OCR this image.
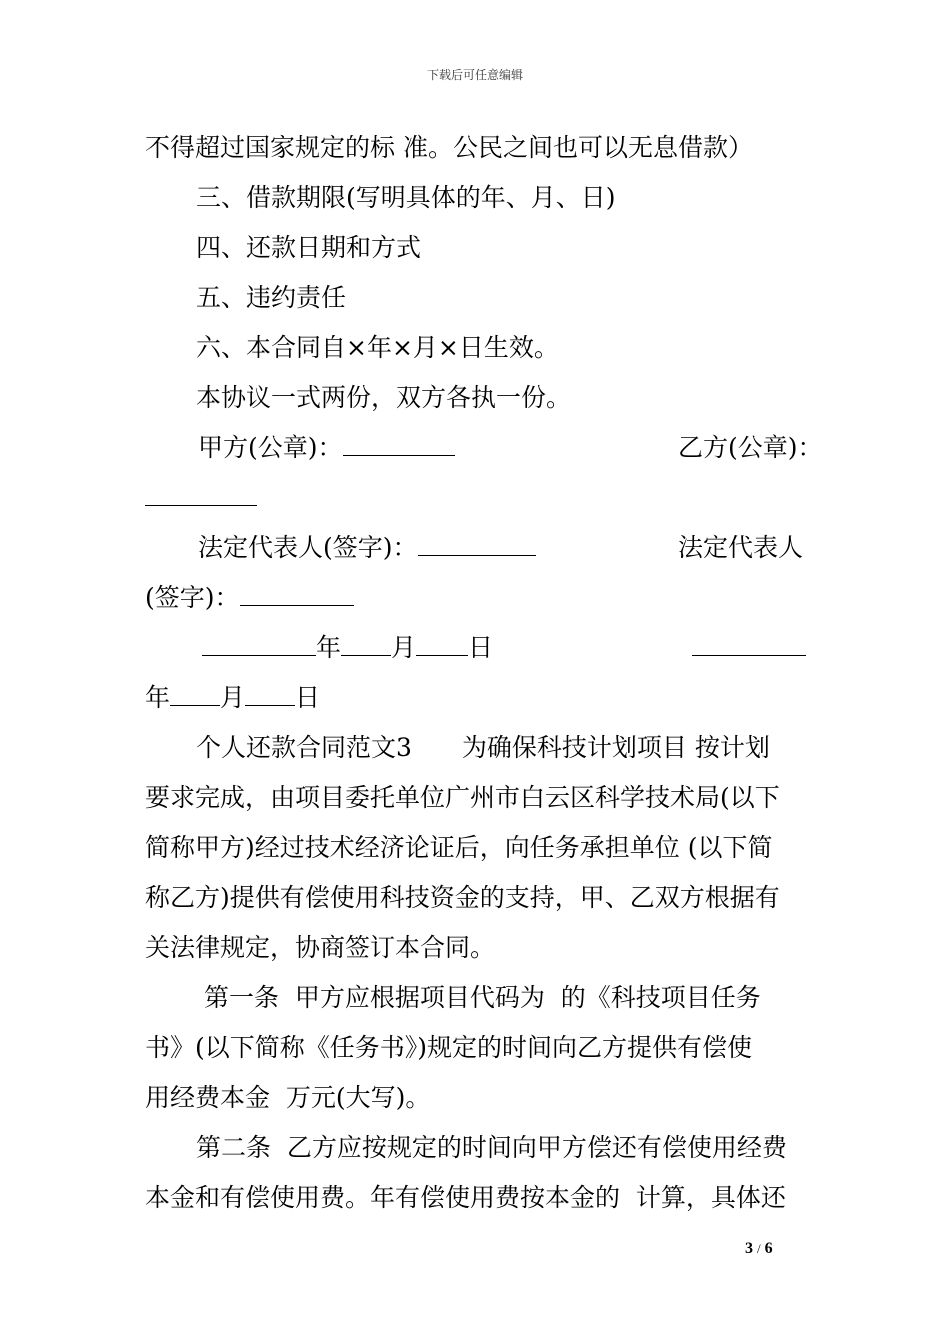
下载后可任意编辑
不得超过国家规定的标 准。公民之间也可以无息借款）
三、借款期限(写明具体的年、月、日)
四、还款日期和方式
五、违约责任
六、本合同自×年×月×日生效。
本协议一式两份，双方各执一份。
甲方(公章)：	乙方(公章)：
法定代表人(签字)：	法定代表人
(签字)：
年 月 日
年 月 日
个人还款合同范文3　　为确保科技计划项目 按计划
要求完成，由项目委托单位广州市白云区科学技术局(以下
简称甲方)经过技术经济论证后，向任务承担单位 (以下简
称乙方)提供有偿使用科技资金的支持，甲、乙双方根据有
关法律规定，协商签订本合同。
第一条  甲方应根据项目代码为  的《科技项目任务
书》(以下简称《任务书》)规定的时间向乙方提供有偿使
用经费本金  万元(大写)。
第二条  乙方应按规定的时间向甲方偿还有偿使用经费
本金和有偿使用费。年有偿使用费按本金的  计算，具体还
3 / 6
